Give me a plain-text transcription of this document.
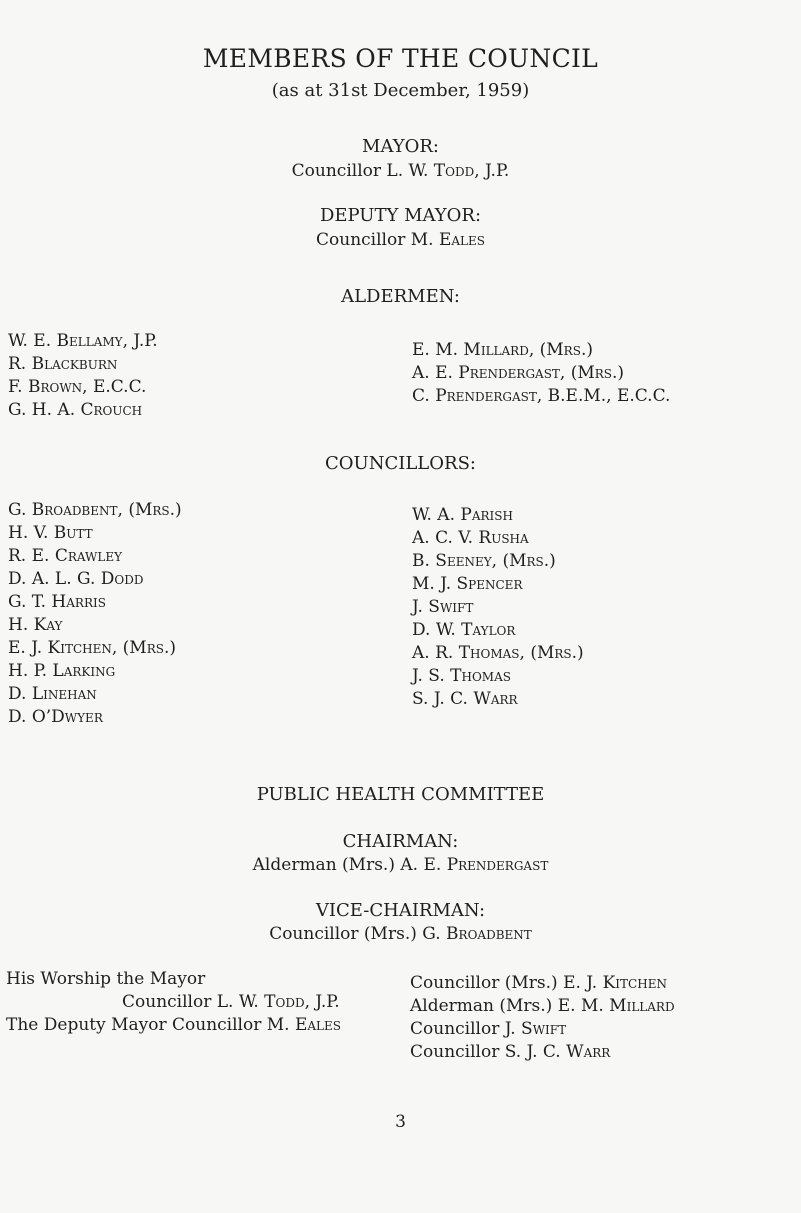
MEMBERS OF THE COUNCIL
(as at 31st December, 1959)
MAYOR:
Councillor L. W. Todd, J.P.
DEPUTY MAYOR:
Councillor M. Eales
ALDERMEN:
W. E. Bellamy, J.P.
R. Blackburn
F. Brown, E.C.C.
G. H. A. Crouch
E. M. Millard, (Mrs.)
A. E. Prendergast, (Mrs.)
C. Prendergast, B.E.M., E.C.C.
COUNCILLORS:
G. Broadbent, (Mrs.)
H. V. Butt
R. E. Crawley
D. A. L. G. Dodd
G. T. Harris
H. Kay
E. J. Kitchen, (Mrs.)
H. P. Larking
D. Linehan
D. O’Dwyer
W. A. Parish
A. C. V. Rusha
B. Seeney, (Mrs.)
M. J. Spencer
J. Swift
D. W. Taylor
A. R. Thomas, (Mrs.)
J. S. Thomas
S. J. C. Warr
PUBLIC HEALTH COMMITTEE
CHAIRMAN:
Alderman (Mrs.) A. E. Prendergast
VICE-CHAIRMAN:
Councillor (Mrs.) G. Broadbent
His Worship the Mayor
Councillor L. W. Todd, J.P.
The Deputy Mayor Councillor M. Eales
Councillor (Mrs.) E. J. Kitchen
Alderman (Mrs.) E. M. Millard
Councillor J. Swift
Councillor S. J. C. Warr
3
